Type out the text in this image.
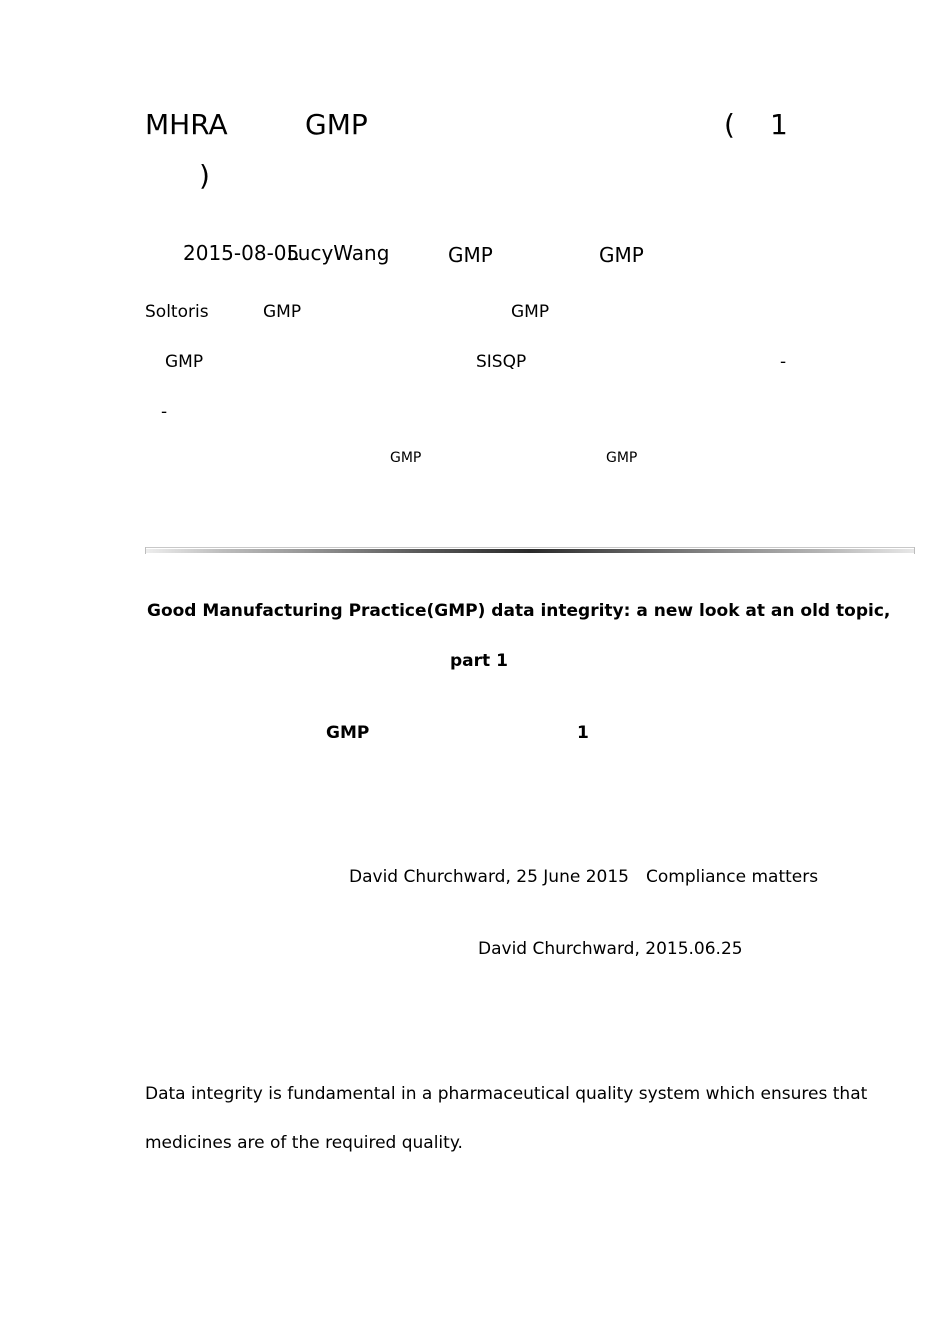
MHRA	GMP	( 1
)
2015-08-05
LucyWang	GMP	GMP
Soltoris	GMP	GMP
GMP	SISQP	-
-
GMP	GMP
Good Manufacturing Practice(GMP) data integrity: a new look at an old topic,
part 1
GMP	1
David Churchward, 25 June 2015 Compliance matters
David Churchward, 2015.06.25
Data integrity is fundamental in a pharmaceutical quality system which ensures that
medicines are of the required quality.
